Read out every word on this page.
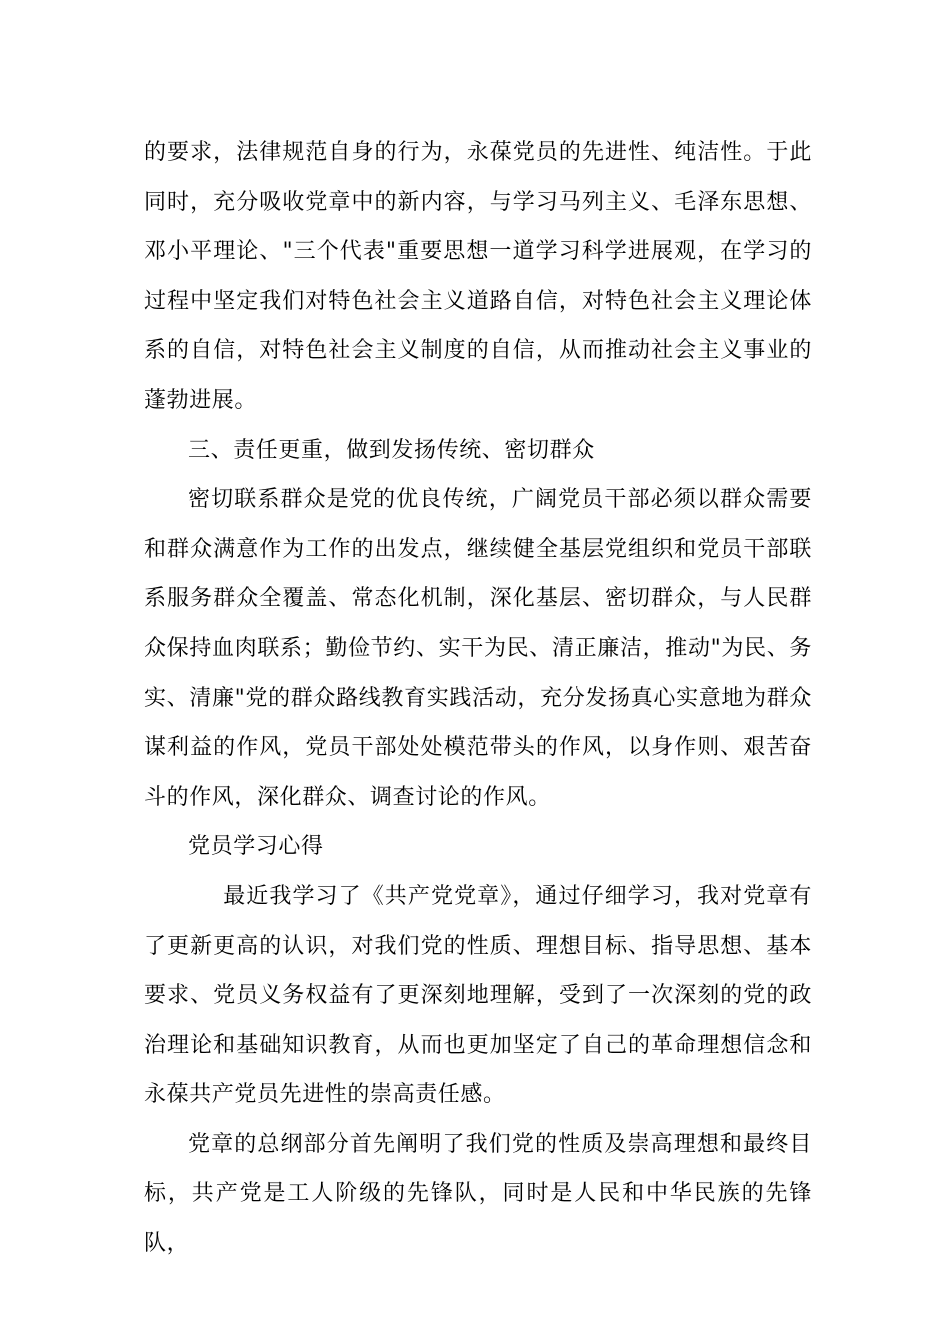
的要求，法律规范自身的行为，永葆党员的先进性、纯洁性。于此同时，充分吸收党章中的新内容，与学习马列主义、毛泽东思想、邓小平理论、"三个代表"重要思想一道学习科学进展观，在学习的过程中坚定我们对特色社会主义道路自信，对特色社会主义理论体系的自信，对特色社会主义制度的自信，从而推动社会主义事业的蓬勃进展。

三、责任更重，做到发扬传统、密切群众

密切联系群众是党的优良传统，广阔党员干部必须以群众需要和群众满意作为工作的出发点，继续健全基层党组织和党员干部联系服务群众全覆盖、常态化机制，深化基层、密切群众，与人民群众保持血肉联系；勤俭节约、实干为民、清正廉洁，推动"为民、务实、清廉"党的群众路线教育实践活动，充分发扬真心实意地为群众谋利益的作风，党员干部处处模范带头的作风，以身作则、艰苦奋斗的作风，深化群众、调查讨论的作风。

党员学习心得

最近我学习了《共产党党章》，通过仔细学习，我对党章有了更新更高的认识，对我们党的性质、理想目标、指导思想、基本要求、党员义务权益有了更深刻地理解，受到了一次深刻的党的政治理论和基础知识教育，从而也更加坚定了自己的革命理想信念和永葆共产党员先进性的崇高责任感。

党章的总纲部分首先阐明了我们党的性质及崇高理想和最终目标，共产党是工人阶级的先锋队，同时是人民和中华民族的先锋队，
